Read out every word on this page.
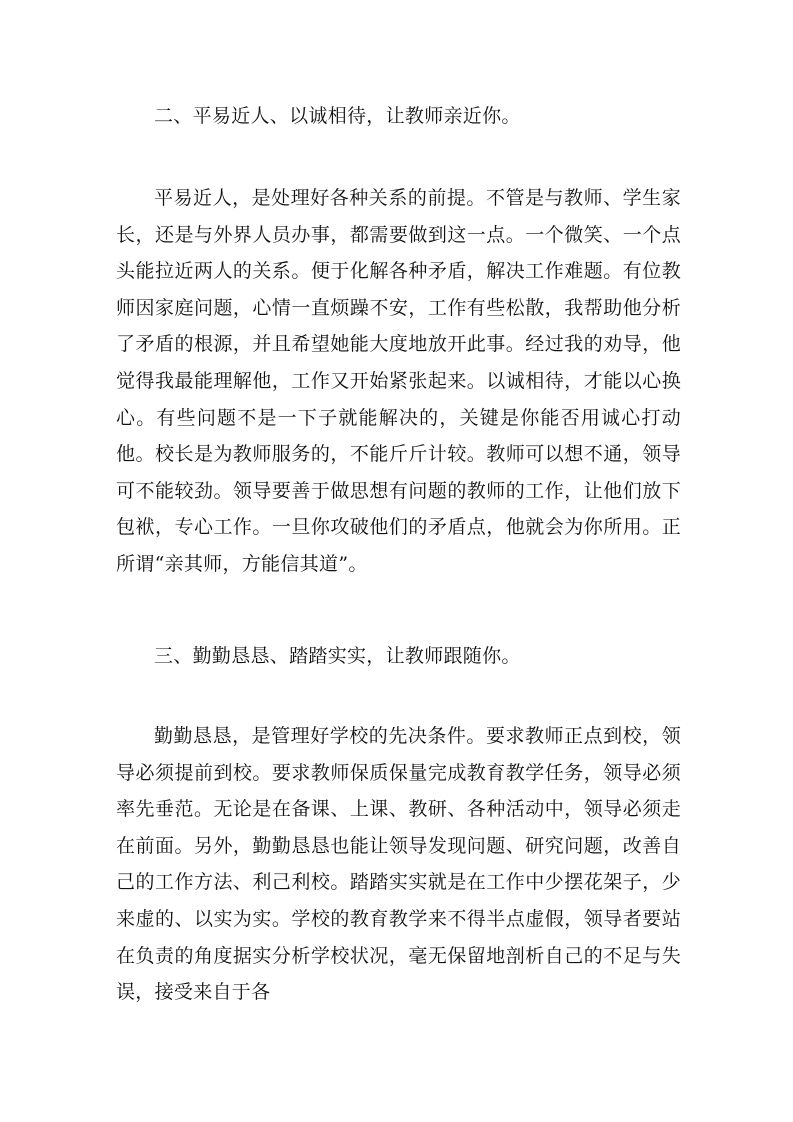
二、平易近人、以诚相待，让教师亲近你。

平易近人，是处理好各种关系的前提。不管是与教师、学生家长，还是与外界人员办事，都需要做到这一点。一个微笑、一个点头能拉近两人的关系。便于化解各种矛盾，解决工作难题。有位教师因家庭问题，心情一直烦躁不安，工作有些松散，我帮助他分析了矛盾的根源，并且希望她能大度地放开此事。经过我的劝导，他觉得我最能理解他，工作又开始紧张起来。以诚相待，才能以心换心。有些问题不是一下子就能解决的，关键是你能否用诚心打动他。校长是为教师服务的，不能斤斤计较。教师可以想不通，领导可不能较劲。领导要善于做思想有问题的教师的工作，让他们放下包袱，专心工作。一旦你攻破他们的矛盾点，他就会为你所用。正所谓“亲其师，方能信其道”。

三、勤勤恳恳、踏踏实实，让教师跟随你。

勤勤恳恳，是管理好学校的先决条件。要求教师正点到校，领导必须提前到校。要求教师保质保量完成教育教学任务，领导必须率先垂范。无论是在备课、上课、教研、各种活动中，领导必须走在前面。另外，勤勤恳恳也能让领导发现问题、研究问题，改善自己的工作方法、利己利校。踏踏实实就是在工作中少摆花架子，少来虚的、以实为实。学校的教育教学来不得半点虚假，领导者要站在负责的角度据实分析学校状况，毫无保留地剖析自己的不足与失误，接受来自于各
